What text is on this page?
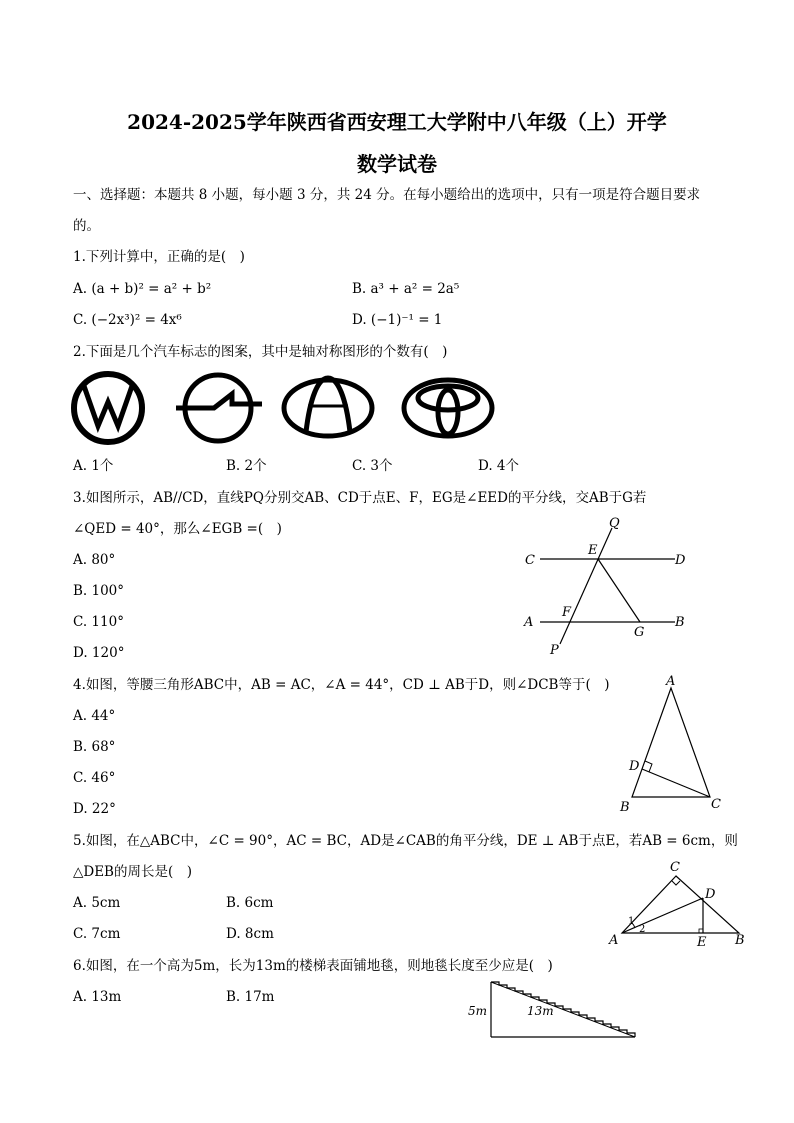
2024-2025学年陕西省西安理工大学附中八年级（上）开学
数学试卷
一、选择题：本题共 8 小题，每小题 3 分，共 24 分。在每小题给出的选项中，只有一项是符合题目要求
的。
1.下列计算中，正确的是(　)
A. (a + b)² = a² + b²	B. a³ + a² = 2a⁵
C. (−2x³)² = 4x⁶	D. (−1)⁻¹ = 1
2.下面是几个汽车标志的图案，其中是轴对称图形的个数有(　)
A. 1个	B. 2个	C. 3个	D. 4个
3.如图所示，AB//CD，直线PQ分别交AB、CD于点E、F，EG是∠EED的平分线，交AB于G若
∠QED = 40°，那么∠EGB =(　)
A. 80°
B. 100°
C. 110°
D. 120°
Q
E
C	D
F
A
G
B
P
4.如图，等腰三角形ABC中，AB = AC，∠A = 44°，CD ⊥ AB于D，则∠DCB等于(　)
A. 44°
B. 68°
C. 46°
D. 22°
A
D
B	C
5.如图，在△ABC中，∠C = 90°，AC = BC，AD是∠CAB的角平分线，DE ⊥ AB于点E，若AB = 6cm，则
△DEB的周长是(　)
A. 5cm	B. 6cm
C. 7cm	D. 8cm
C
D
A	E B
1
2
6.如图，在一个高为5m，长为13m的楼梯表面铺地毯，则地毯长度至少应是(　)
A. 13m	B. 17m
5m	13m
